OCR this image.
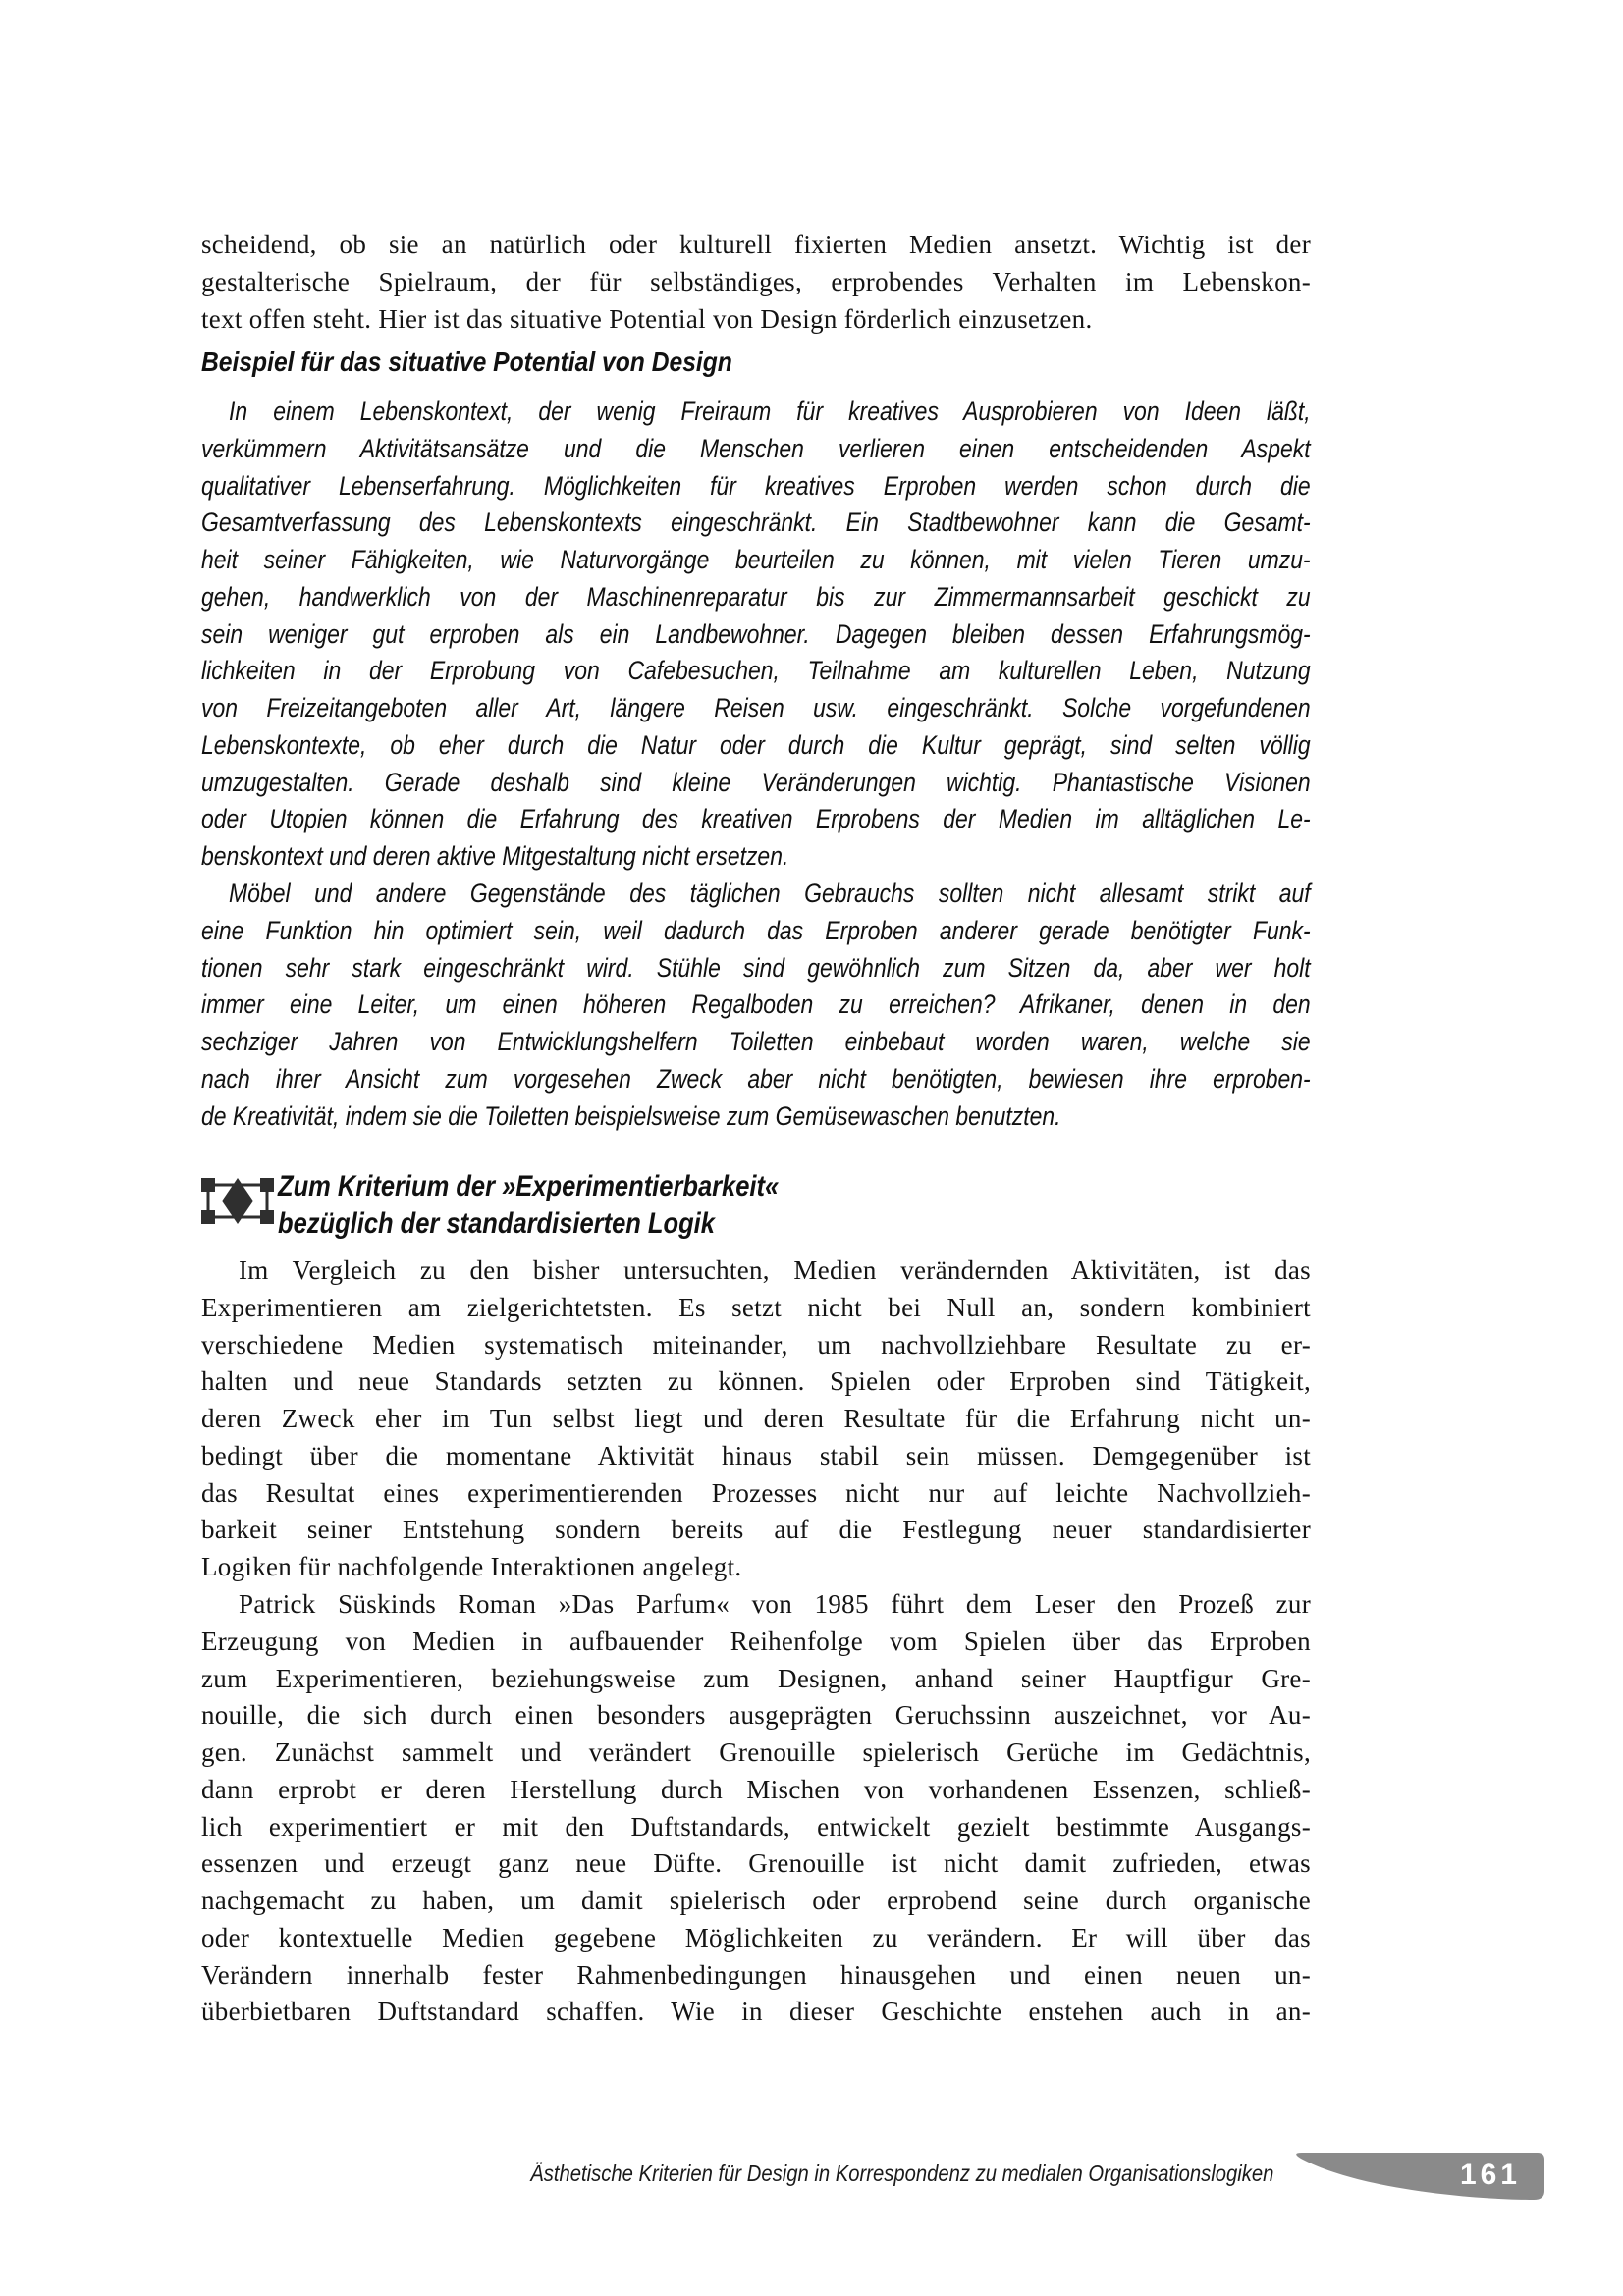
scheidend, ob sie an natürlich oder kulturell fixierten Medien ansetzt. Wichtig ist der
gestalterische Spielraum, der für selbständiges, erprobendes Verhalten im Lebenskon-
text offen steht. Hier ist das situative Potential von Design förderlich einzusetzen.
Beispiel für das situative Potential von Design
In einem Lebenskontext, der wenig Freiraum für kreatives Ausprobieren von Ideen läßt,
verkümmern Aktivitätsansätze und die Menschen verlieren einen entscheidenden Aspekt
qualitativer Lebenserfahrung. Möglichkeiten für kreatives Erproben werden schon durch die
Gesamtverfassung des Lebenskontexts eingeschränkt. Ein Stadtbewohner kann die Gesamt-
heit seiner Fähigkeiten, wie Naturvorgänge beurteilen zu können, mit vielen Tieren umzu-
gehen, handwerklich von der Maschinenreparatur bis zur Zimmermannsarbeit geschickt zu
sein weniger gut erproben als ein Landbewohner. Dagegen bleiben dessen Erfahrungsmög-
lichkeiten in der Erprobung von Cafebesuchen, Teilnahme am kulturellen Leben, Nutzung
von Freizeitangeboten aller Art, längere Reisen usw. eingeschränkt. Solche vorgefundenen
Lebenskontexte, ob eher durch die Natur oder durch die Kultur geprägt, sind selten völlig
umzugestalten. Gerade deshalb sind kleine Veränderungen wichtig. Phantastische Visionen
oder Utopien können die Erfahrung des kreativen Erprobens der Medien im alltäglichen Le-
benskontext und deren aktive Mitgestaltung nicht ersetzen.
Möbel und andere Gegenstände des täglichen Gebrauchs sollten nicht allesamt strikt auf
eine Funktion hin optimiert sein, weil dadurch das Erproben anderer gerade benötigter Funk-
tionen sehr stark eingeschränkt wird. Stühle sind gewöhnlich zum Sitzen da, aber wer holt
immer eine Leiter, um einen höheren Regalboden zu erreichen? Afrikaner, denen in den
sechziger Jahren von Entwicklungshelfern Toiletten einbebaut worden waren, welche sie
nach ihrer Ansicht zum vorgesehen Zweck aber nicht benötigten, bewiesen ihre erproben-
de Kreativität, indem sie die Toiletten beispielsweise zum Gemüsewaschen benutzten.
Zum Kriterium der »Experimentierbarkeit«
bezüglich der standardisierten Logik
Im Vergleich zu den bisher untersuchten, Medien verändernden Aktivitäten, ist das
Experimentieren am zielgerichtetsten. Es setzt nicht bei Null an, sondern kombiniert
verschiedene Medien systematisch miteinander, um nachvollziehbare Resultate zu er-
halten und neue Standards setzten zu können. Spielen oder Erproben sind Tätigkeit,
deren Zweck eher im Tun selbst liegt und deren Resultate für die Erfahrung nicht un-
bedingt über die momentane Aktivität hinaus stabil sein müssen. Demgegenüber ist
das Resultat eines experimentierenden Prozesses nicht nur auf leichte Nachvollzieh-
barkeit seiner Entstehung sondern bereits auf die Festlegung neuer standardisierter
Logiken für nachfolgende Interaktionen angelegt.
Patrick Süskinds Roman »Das Parfum« von 1985 führt dem Leser den Prozeß zur
Erzeugung von Medien in aufbauender Reihenfolge vom Spielen über das Erproben
zum Experimentieren, beziehungsweise zum Designen, anhand seiner Hauptfigur Gre-
nouille, die sich durch einen besonders ausgeprägten Geruchssinn auszeichnet, vor Au-
gen. Zunächst sammelt und verändert Grenouille spielerisch Gerüche im Gedächtnis,
dann erprobt er deren Herstellung durch Mischen von vorhandenen Essenzen, schließ-
lich experimentiert er mit den Duftstandards, entwickelt gezielt bestimmte Ausgangs-
essenzen und erzeugt ganz neue Düfte. Grenouille ist nicht damit zufrieden, etwas
nachgemacht zu haben, um damit spielerisch oder erprobend seine durch organische
oder kontextuelle Medien gegebene Möglichkeiten zu verändern. Er will über das
Verändern innerhalb fester Rahmenbedingungen hinausgehen und einen neuen un-
überbietbaren Duftstandard schaffen. Wie in dieser Geschichte enstehen auch in an-
Ästhetische Kriterien für Design in Korrespondenz zu medialen Organisationslogiken	161
